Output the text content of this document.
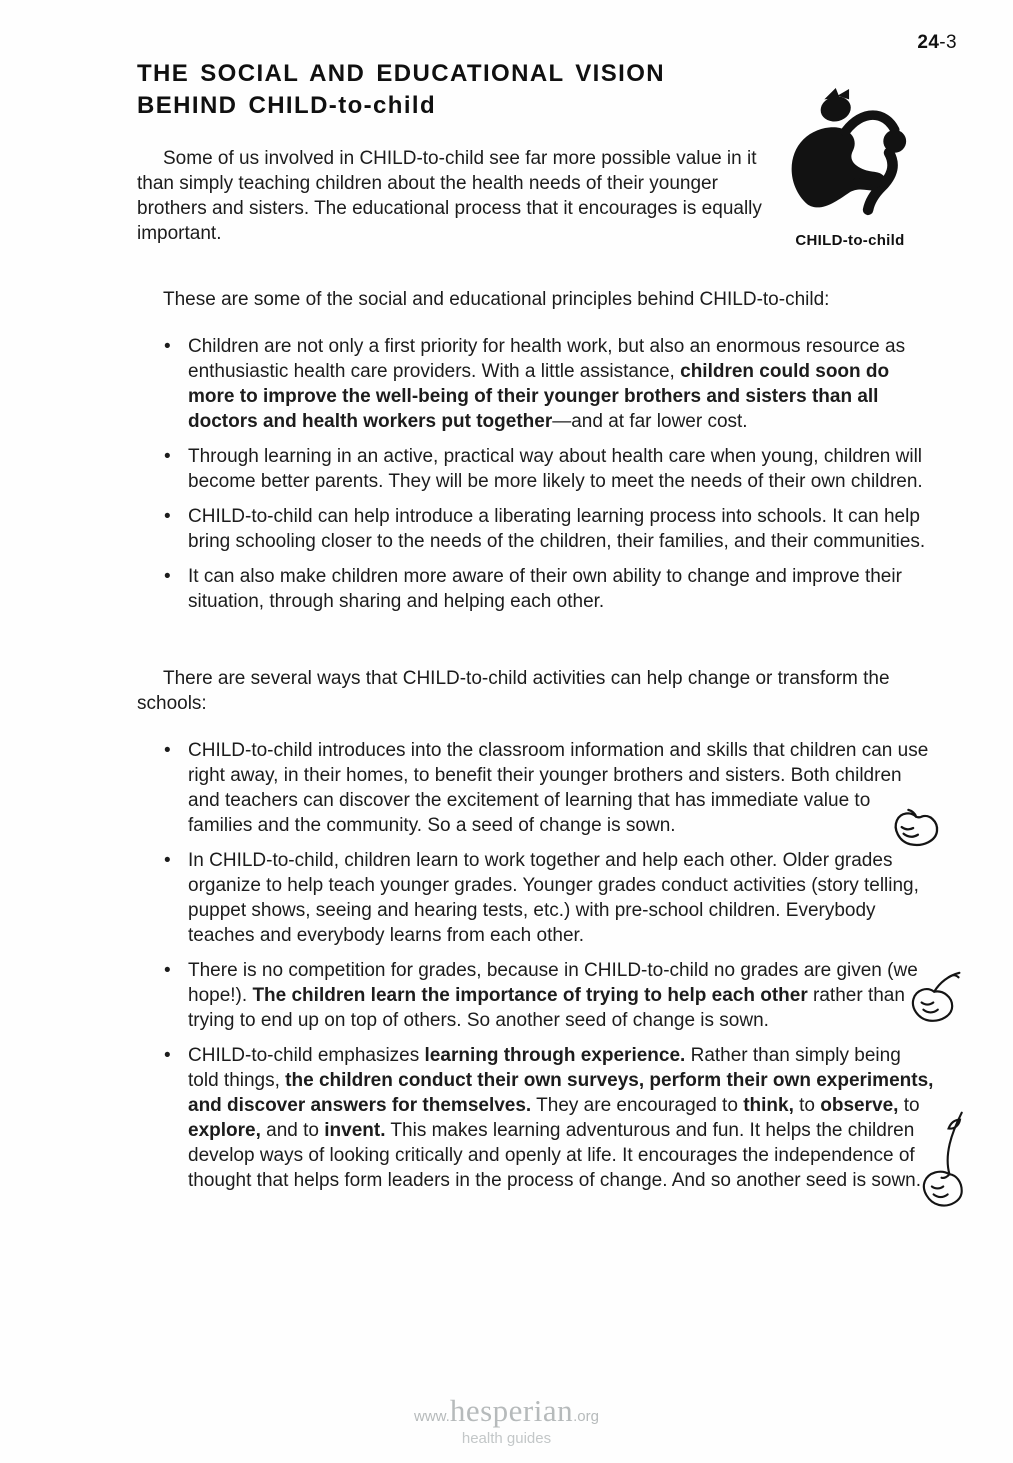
24-3
THE SOCIAL AND EDUCATIONAL VISION
BEHIND CHILD-to-child

Some of us involved in CHILD-to-child see far more possible value in it than simply teaching children about the health needs of their younger brothers and sisters. The educational process that it encourages is equally important.	CHILD-to-child

These are some of the social and educational principles behind CHILD-to-child:

• Children are not only a first priority for health work, but also an enormous resource as enthusiastic health care providers. With a little assistance, children could soon do more to improve the well-being of their younger brothers and sisters than all doctors and health workers put together—and at far lower cost.
• Through learning in an active, practical way about health care when young, children will become better parents. They will be more likely to meet the needs of their own children.
• CHILD-to-child can help introduce a liberating learning process into schools. It can help bring schooling closer to the needs of the children, their families, and their communities.
• It can also make children more aware of their own ability to change and improve their situation, through sharing and helping each other.

There are several ways that CHILD-to-child activities can help change or transform the schools:

• CHILD-to-child introduces into the classroom information and skills that children can use right away, in their homes, to benefit their younger brothers and sisters. Both children and teachers can discover the excitement of learning that has immediate value to families and the community. So a seed of change is sown.
• In CHILD-to-child, children learn to work together and help each other. Older grades organize to help teach younger grades. Younger grades conduct activities (story telling, puppet shows, seeing and hearing tests, etc.) with pre-school children. Everybody teaches and everybody learns from each other.
• There is no competition for grades, because in CHILD-to-child no grades are given (we hope!). The children learn the importance of trying to help each other rather than trying to end up on top of others. So another seed of change is sown.
• CHILD-to-child emphasizes learning through experience. Rather than simply being told things, the children conduct their own surveys, perform their own experiments, and discover answers for themselves. They are encouraged to think, to observe, to explore, and to invent. This makes learning adventurous and fun. It helps the children develop ways of looking critically and openly at life. It encourages the independence of thought that helps form leaders in the process of change. And so another seed is sown.
www.hesperian.org
health guides
